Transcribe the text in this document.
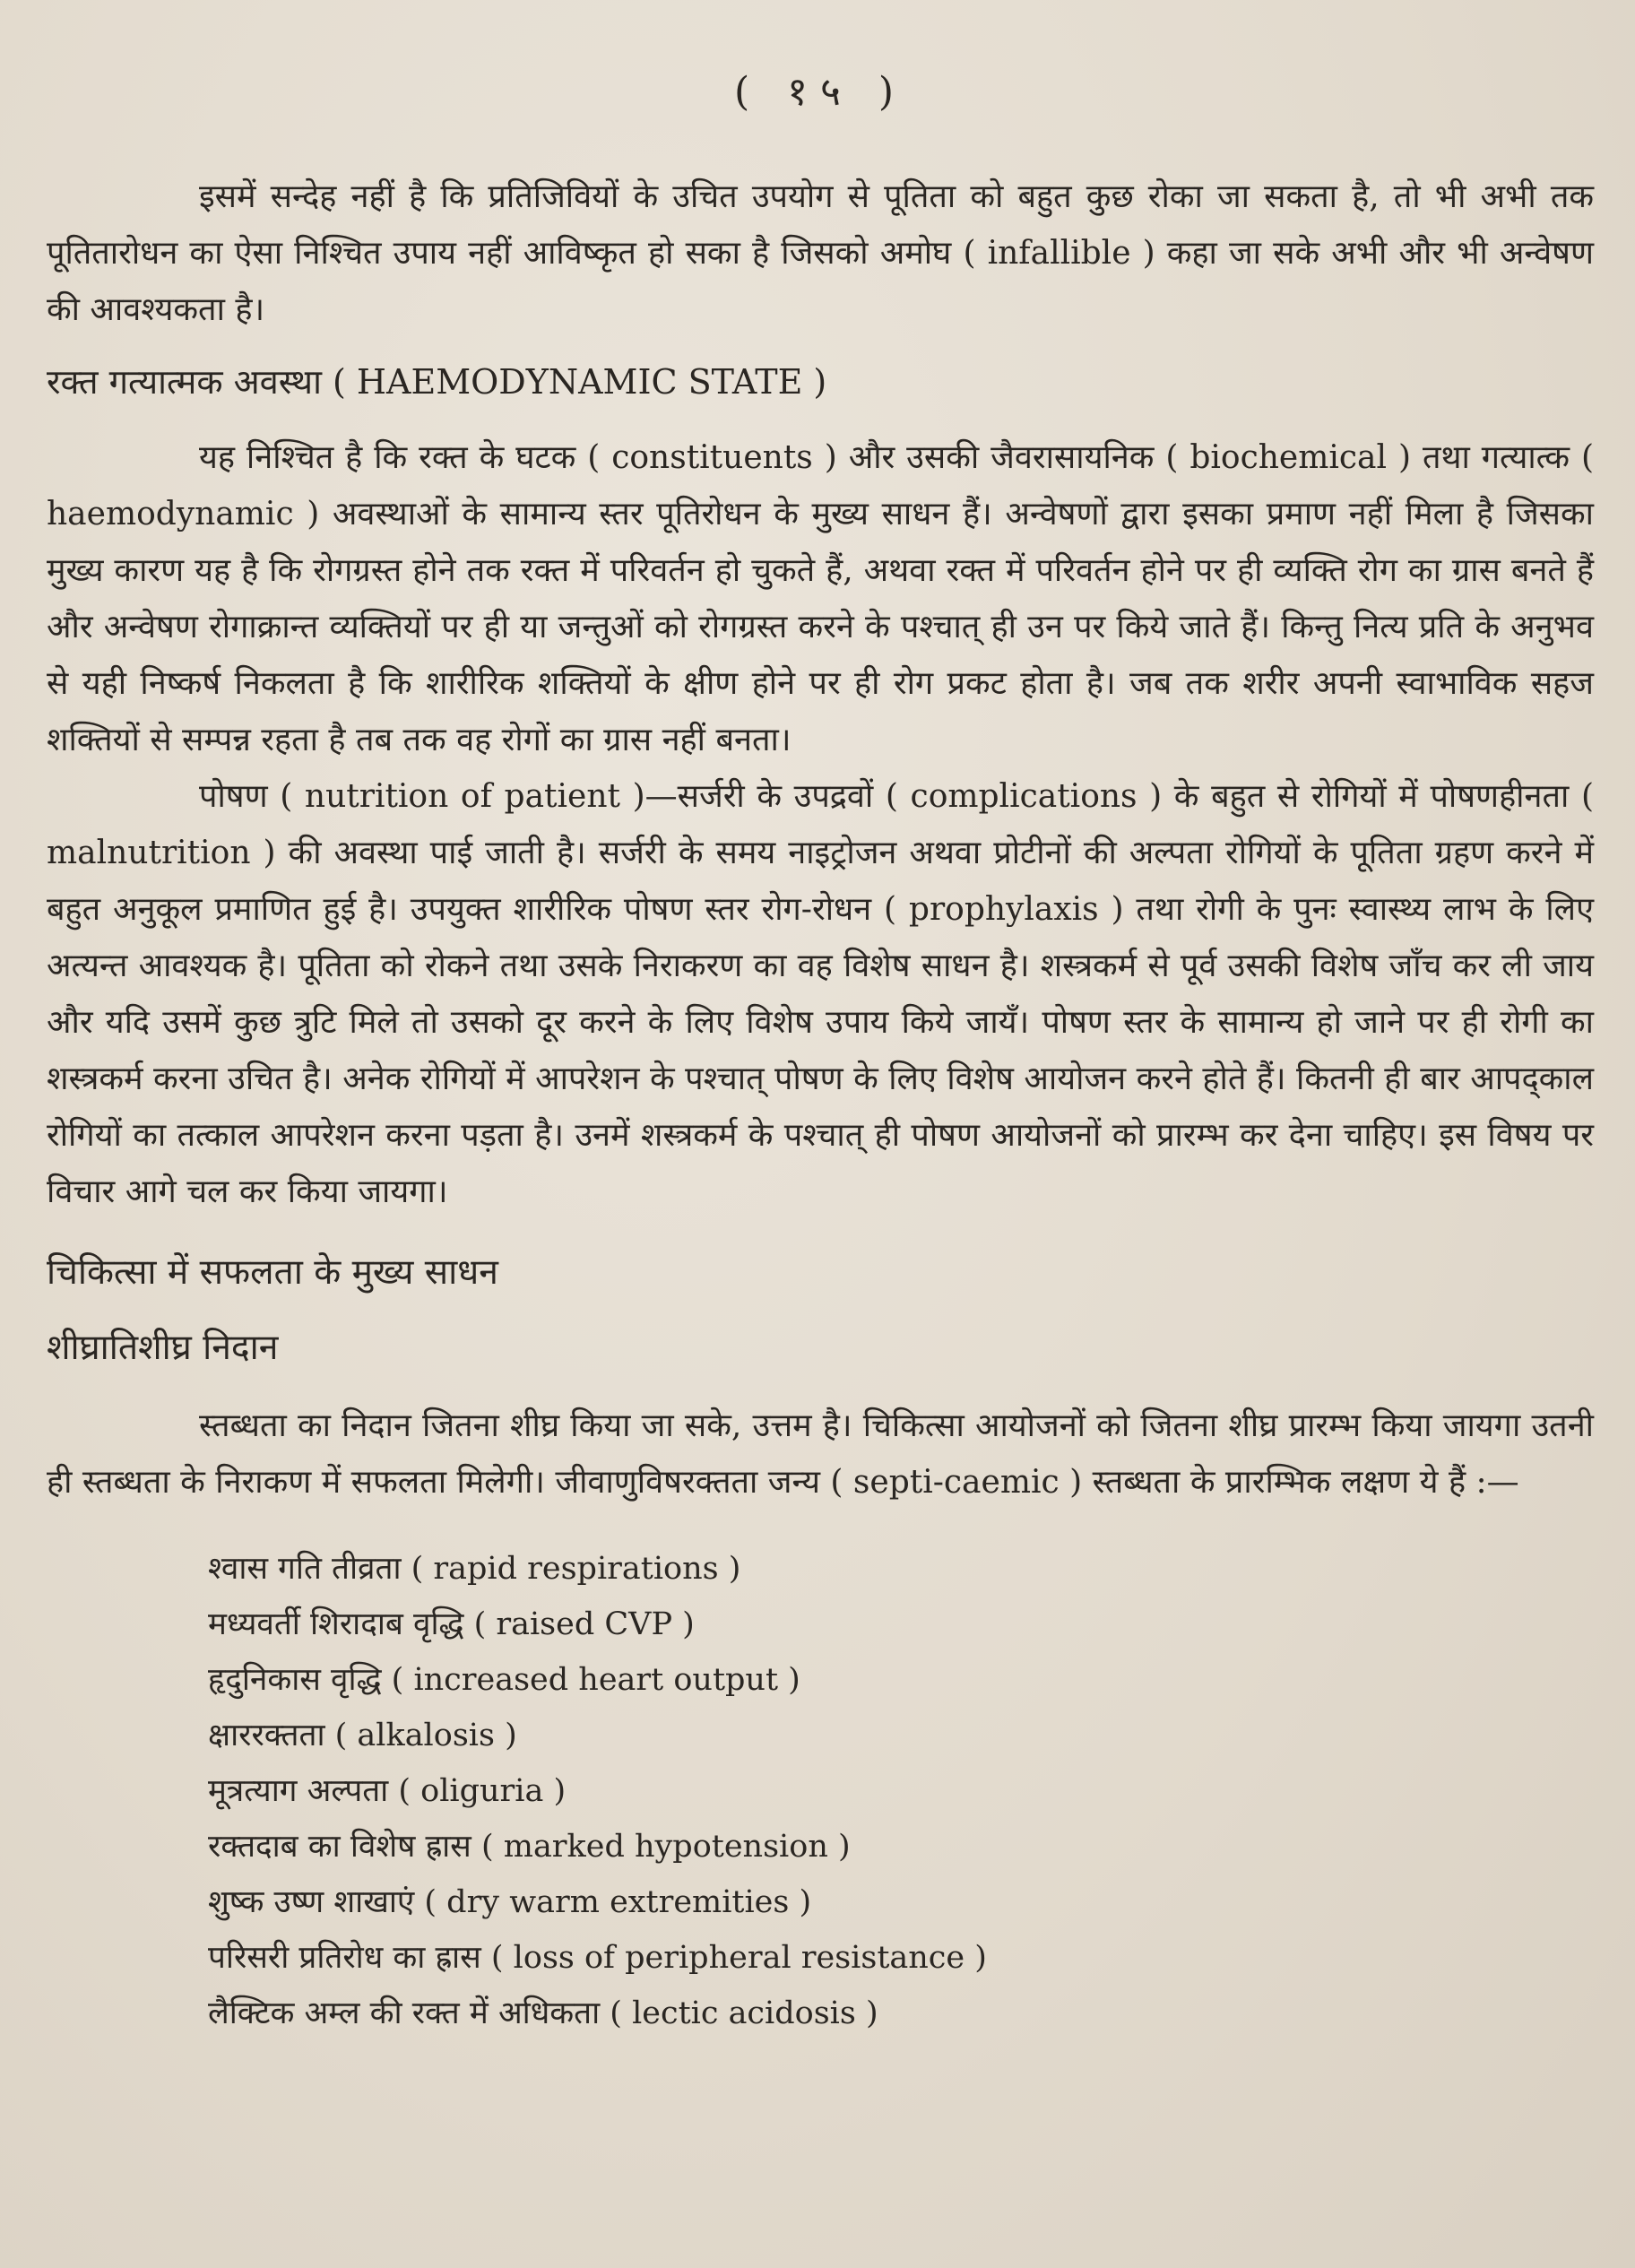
( १५ )

इसमें सन्देह नहीं है कि प्रतिजिवियों के उचित उपयोग से पूतिता को बहुत कुछ रोका जा सकता है, तो भी अभी तक पूतितारोधन का ऐसा निश्चित उपाय नहीं आविष्कृत हो सका है जिसको अमोघ ( infallible ) कहा जा सके अभी और भी अन्वेषण की आवश्यकता है।

रक्त गत्यात्मक अवस्था ( HAEMODYNAMIC STATE )

यह निश्चित है कि रक्त के घटक ( constituents ) और उसकी जैवरासायनिक ( biochemical ) तथा गत्यात्क ( haemodynamic ) अवस्थाओं के सामान्य स्तर पूतिरोधन के मुख्य साधन हैं। अन्वेषणों द्वारा इसका प्रमाण नहीं मिला है जिसका मुख्य कारण यह है कि रोगग्रस्त होने तक रक्त में परिवर्तन हो चुकते हैं, अथवा रक्त में परिवर्तन होने पर ही व्यक्ति रोग का ग्रास बनते हैं और अन्वेषण रोगाक्रान्त व्यक्तियों पर ही या जन्तुओं को रोगग्रस्त करने के पश्चात् ही उन पर किये जाते हैं। किन्तु नित्य प्रति के अनुभव से यही निष्कर्ष निकलता है कि शारीरिक शक्तियों के क्षीण होने पर ही रोग प्रकट होता है। जब तक शरीर अपनी स्वाभाविक सहज शक्तियों से सम्पन्न रहता है तब तक वह रोगों का ग्रास नहीं बनता।

पोषण ( nutrition of patient )—सर्जरी के उपद्रवों ( complications ) के बहुत से रोगियों में पोषणहीनता ( malnutrition ) की अवस्था पाई जाती है। सर्जरी के समय नाइट्रोजन अथवा प्रोटीनों की अल्पता रोगियों के पूतिता ग्रहण करने में बहुत अनुकूल प्रमाणित हुई है। उपयुक्त शारीरिक पोषण स्तर रोग-रोधन ( prophylaxis ) तथा रोगी के पुनः स्वास्थ्य लाभ के लिए अत्यन्त आवश्यक है। पूतिता को रोकने तथा उसके निराकरण का वह विशेष साधन है। शस्त्रकर्म से पूर्व उसकी विशेष जाँच कर ली जाय और यदि उसमें कुछ त्रुटि मिले तो उसको दूर करने के लिए विशेष उपाय किये जायँ। पोषण स्तर के सामान्य हो जाने पर ही रोगी का शस्त्रकर्म करना उचित है। अनेक रोगियों में आपरेशन के पश्चात् पोषण के लिए विशेष आयोजन करने होते हैं। कितनी ही बार आपद्काल रोगियों का तत्काल आपरेशन करना पड़ता है। उनमें शस्त्रकर्म के पश्चात् ही पोषण आयोजनों को प्रारम्भ कर देना चाहिए। इस विषय पर विचार आगे चल कर किया जायगा।

चिकित्सा में सफलता के मुख्य साधन
शीघ्रातिशीघ्र निदान

स्तब्धता का निदान जितना शीघ्र किया जा सके, उत्तम है। चिकित्सा आयोजनों को जितना शीघ्र प्रारम्भ किया जायगा उतनी ही स्तब्धता के निराकण में सफलता मिलेगी। जीवाणुविषरक्तता जन्य ( septi-caemic ) स्तब्धता के प्रारम्भिक लक्षण ये हैं :—

श्वास गति तीव्रता ( rapid respirations )
मध्यवर्ती शिरादाब वृद्धि ( raised CVP )
हृदुनिकास वृद्धि ( increased heart output )
क्षाररक्तता ( alkalosis )
मूत्रत्याग अल्पता ( oliguria )
रक्तदाब का विशेष ह्रास ( marked hypotension )
शुष्क उष्ण शाखाएं ( dry warm extremities )
परिसरी प्रतिरोध का ह्रास ( loss of peripheral resistance )
लैक्टिक अम्ल की रक्त में अधिकता ( lectic acidosis )
